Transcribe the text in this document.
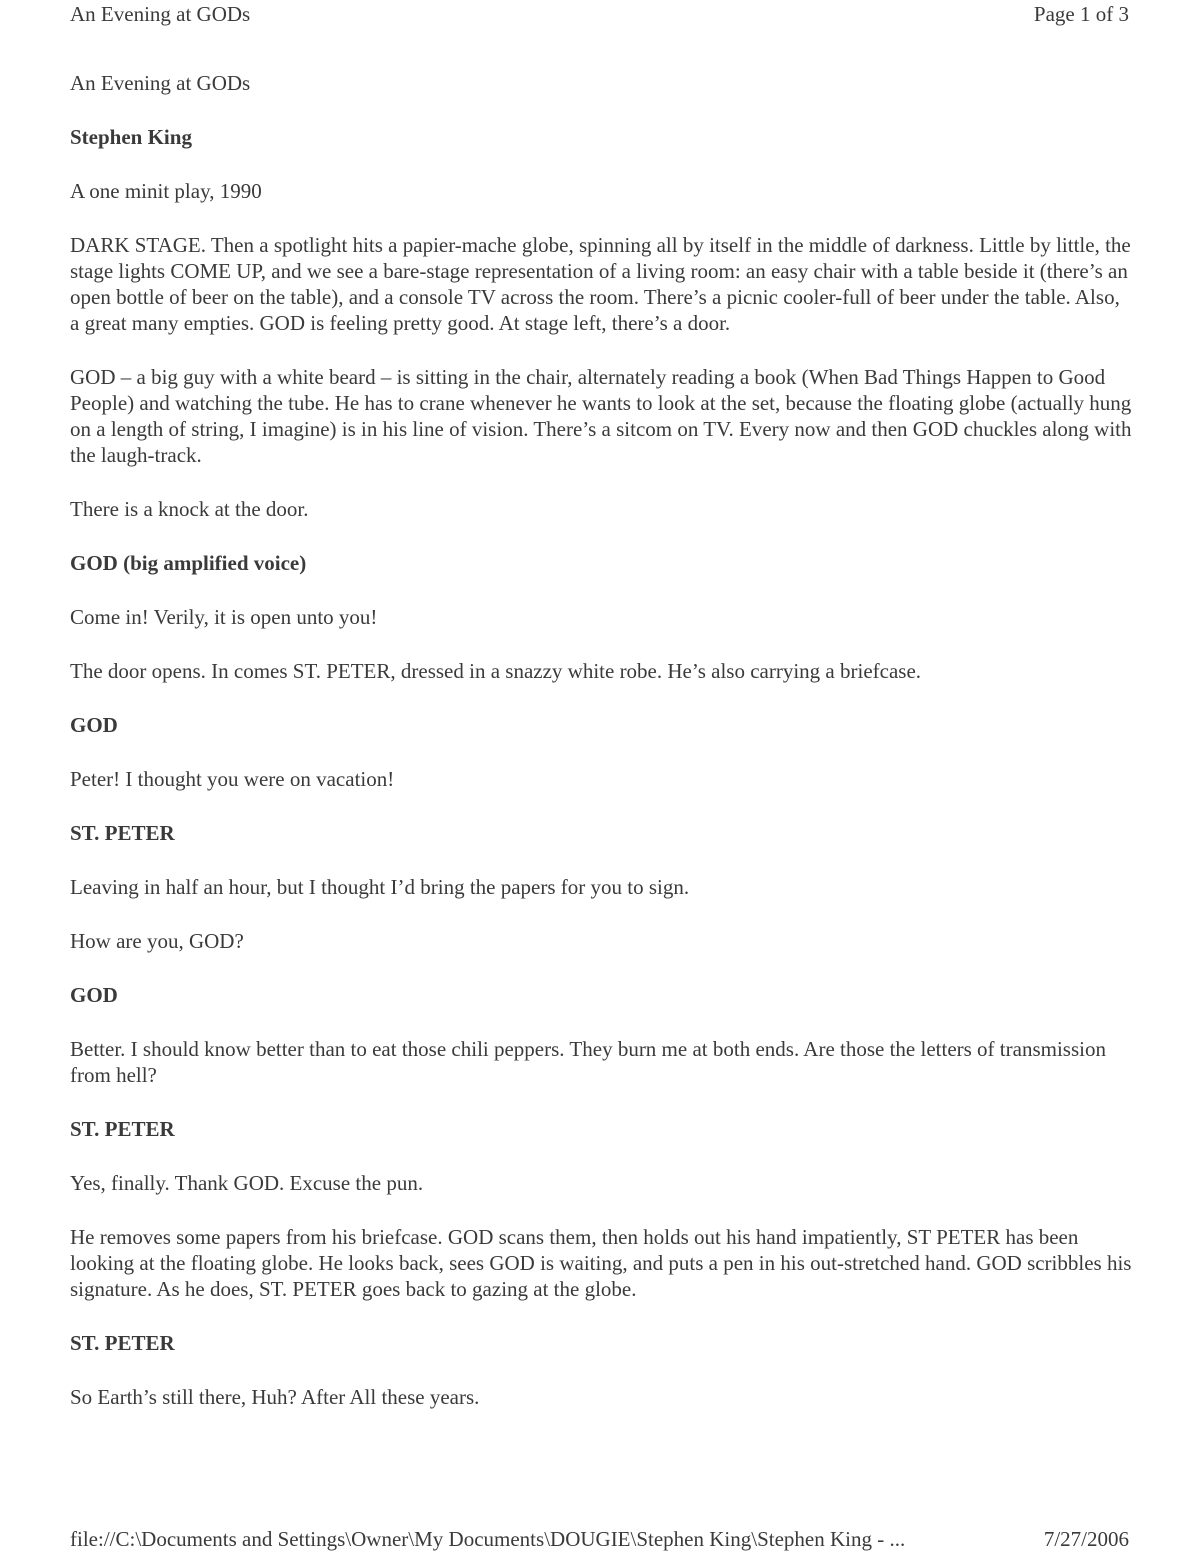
An Evening at GODs	Page 1 of 3

An Evening at GODs

Stephen King

A one minit play, 1990

DARK STAGE. Then a spotlight hits a papier-mache globe, spinning all by itself in the middle of darkness. Little by little, the stage lights COME UP, and we see a bare-stage representation of a living room: an easy chair with a table beside it (there’s an open bottle of beer on the table), and a console TV across the room. There’s a picnic cooler-full of beer under the table. Also, a great many empties. GOD is feeling pretty good. At stage left, there’s a door.

GOD – a big guy with a white beard – is sitting in the chair, alternately reading a book (When Bad Things Happen to Good People) and watching the tube. He has to crane whenever he wants to look at the set, because the floating globe (actually hung on a length of string, I imagine) is in his line of vision. There’s a sitcom on TV. Every now and then GOD chuckles along with the laugh-track.

There is a knock at the door.

GOD (big amplified voice)

Come in! Verily, it is open unto you!

The door opens. In comes ST. PETER, dressed in a snazzy white robe. He’s also carrying a briefcase.

GOD

Peter! I thought you were on vacation!

ST. PETER

Leaving in half an hour, but I thought I’d bring the papers for you to sign.

How are you, GOD?

GOD

Better. I should know better than to eat those chili peppers. They burn me at both ends. Are those the letters of transmission from hell?

ST. PETER

Yes, finally. Thank GOD. Excuse the pun.

He removes some papers from his briefcase. GOD scans them, then holds out his hand impatiently, ST PETER has been looking at the floating globe. He looks back, sees GOD is waiting, and puts a pen in his out-stretched hand. GOD scribbles his signature. As he does, ST. PETER goes back to gazing at the globe.

ST. PETER

So Earth’s still there, Huh? After All these years.

file://C:\Documents and Settings\Owner\My Documents\DOUGIE\Stephen King\Stephen King - ...	7/27/2006
